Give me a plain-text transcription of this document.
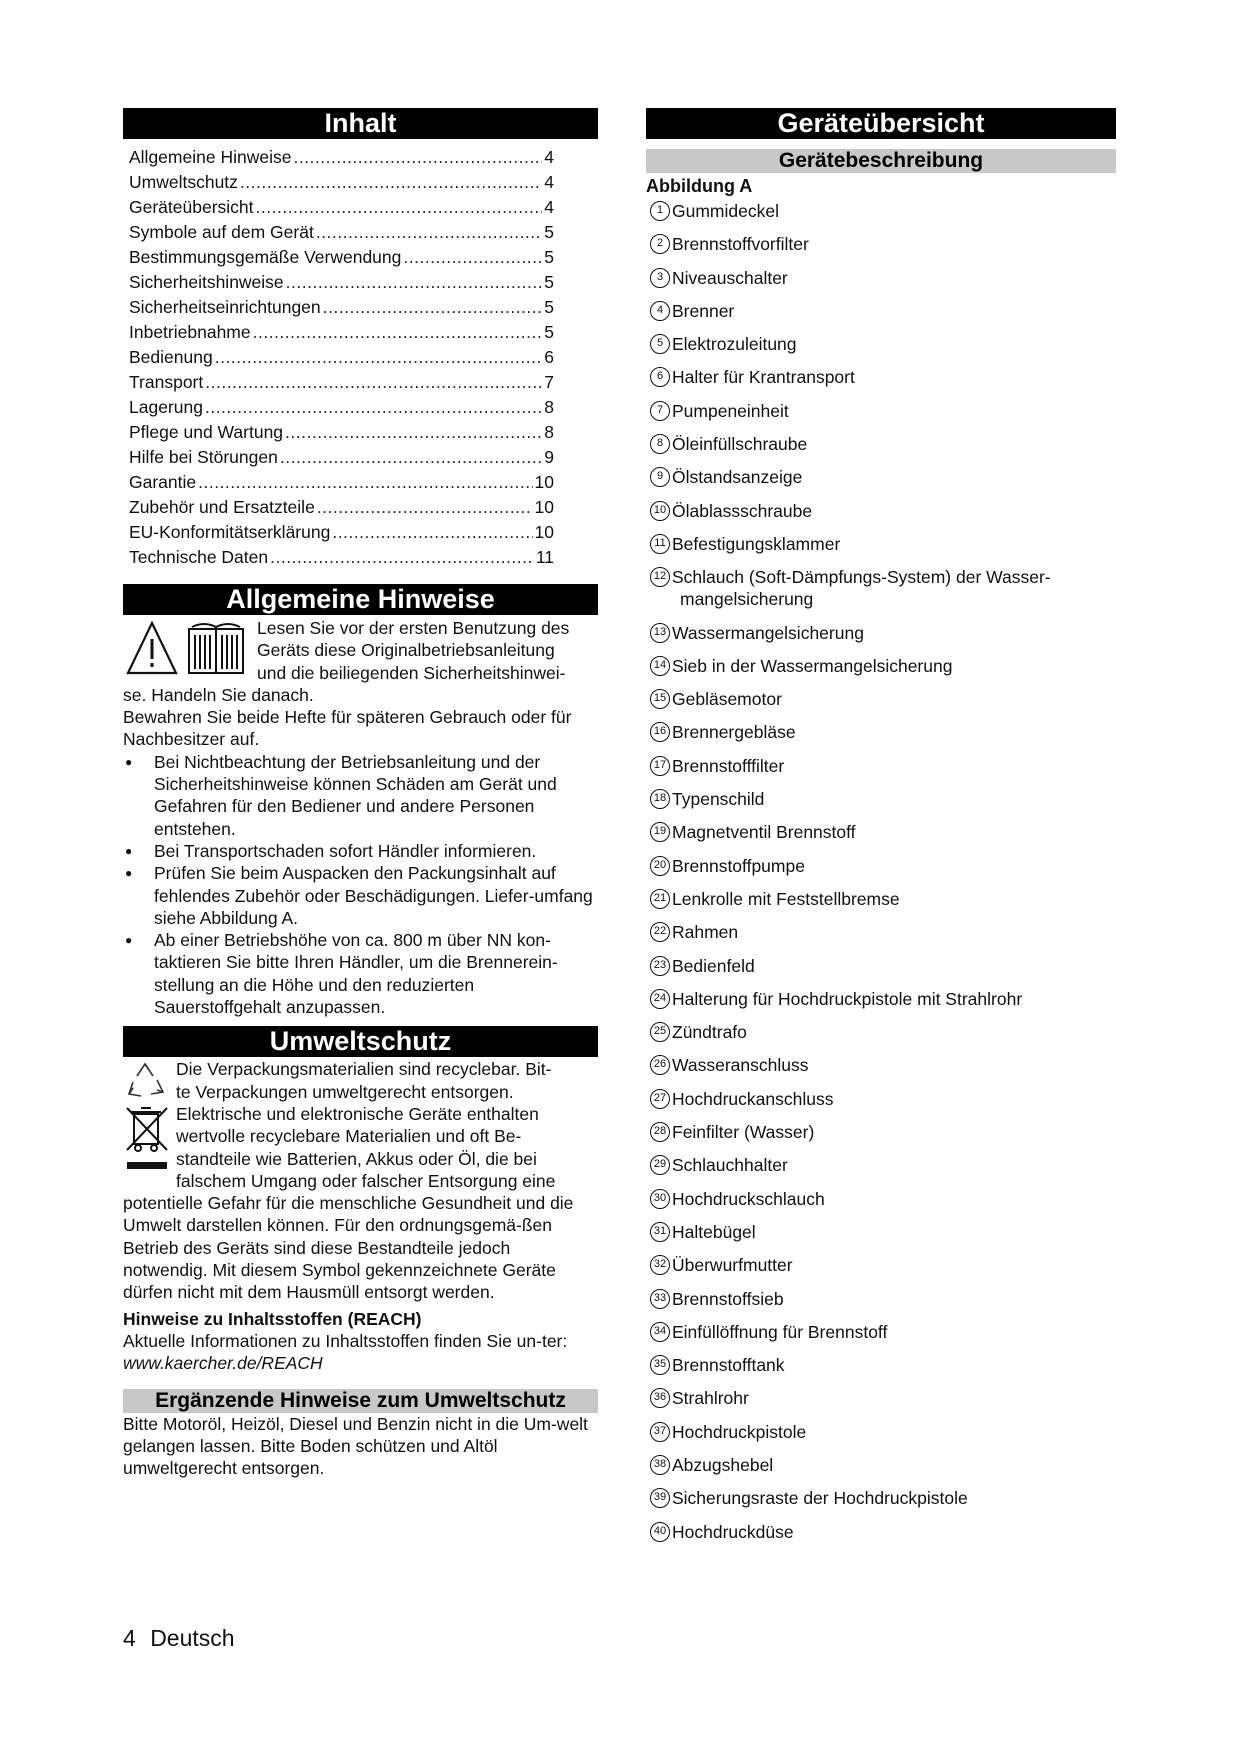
Inhalt
Allgemeine Hinweise .....	4
Umweltschutz .....	4
Geräteübersicht .....	4
Symbole auf dem Gerät .....	5
Bestimmungsgemäße Verwendung .....	5
Sicherheitshinweise .....	5
Sicherheitseinrichtungen .....	5
Inbetriebnahme .....	5
Bedienung .....	6
Transport .....	7
Lagerung .....	8
Pflege und Wartung .....	8
Hilfe bei Störungen .....	9
Garantie .....	10
Zubehör und Ersatzteile .....	10
EU-Konformitätserklärung .....	10
Technische Daten .....	11
Allgemeine Hinweise
Lesen Sie vor der ersten Benutzung des
Geräts diese Originalbetriebsanleitung
und die beiliegenden Sicherheitshinwei-
se. Handeln Sie danach.
Bewahren Sie beide Hefte für späteren Gebrauch oder für Nachbesitzer auf.
● Bei Nichtbeachtung der Betriebsanleitung und der Sicherheitshinweise können Schäden am Gerät und Gefahren für den Bediener und andere Personen entstehen.
● Bei Transportschaden sofort Händler informieren.
● Prüfen Sie beim Auspacken den Packungsinhalt auf fehlendes Zubehör oder Beschädigungen. Liefer-umfang siehe Abbildung A.
● Ab einer Betriebshöhe von ca. 800 m über NN kon-taktieren Sie bitte Ihren Händler, um die Brennerein-stellung an die Höhe und den reduzierten Sauerstoffgehalt anzupassen.
Umweltschutz
Die Verpackungsmaterialien sind recyclebar. Bit-
te Verpackungen umweltgerecht entsorgen.
Elektrische und elektronische Geräte enthalten
wertvolle recyclebare Materialien und oft Be-
standteile wie Batterien, Akkus oder Öl, die bei
falschem Umgang oder falscher Entsorgung eine
potentielle Gefahr für die menschliche Gesundheit und die Umwelt darstellen können. Für den ordnungsgemä-ßen Betrieb des Geräts sind diese Bestandteile jedoch notwendig. Mit diesem Symbol gekennzeichnete Geräte dürfen nicht mit dem Hausmüll entsorgt werden.
Hinweise zu Inhaltsstoffen (REACH)
Aktuelle Informationen zu Inhaltsstoffen finden Sie un-ter: www.kaercher.de/REACH
Ergänzende Hinweise zum Umweltschutz
Bitte Motoröl, Heizöl, Diesel und Benzin nicht in die Um-welt gelangen lassen. Bitte Boden schützen und Altöl umweltgerecht entsorgen.
Geräteübersicht
Gerätebeschreibung
Abbildung A
1 Gummideckel
2 Brennstoffvorfilter
3 Niveauschalter
4 Brenner
5 Elektrozuleitung
6 Halter für Krantransport
7 Pumpeneinheit
8 Öleinfüllschraube
9 Ölstandsanzeige
10 Ölablassschraube
11 Befestigungsklammer
12 Schlauch (Soft-Dämpfungs-System) der Wasser-
mangelsicherung
13 Wassermangelsicherung
14 Sieb in der Wassermangelsicherung
15 Gebläsemotor
16 Brennergebläse
17 Brennstofffilter
18 Typenschild
19 Magnetventil Brennstoff
20 Brennstoffpumpe
21 Lenkrolle mit Feststellbremse
22 Rahmen
23 Bedienfeld
24 Halterung für Hochdruckpistole mit Strahlrohr
25 Zündtrafo
26 Wasseranschluss
27 Hochdruckanschluss
28 Feinfilter (Wasser)
29 Schlauchhalter
30 Hochdruckschlauch
31 Haltebügel
32 Überwurfmutter
33 Brennstoffsieb
34 Einfüllöffnung für Brennstoff
35 Brennstofftank
36 Strahlrohr
37 Hochdruckpistole
38 Abzugshebel
39 Sicherungsraste der Hochdruckpistole
40 Hochdruckdüse
4 Deutsch
